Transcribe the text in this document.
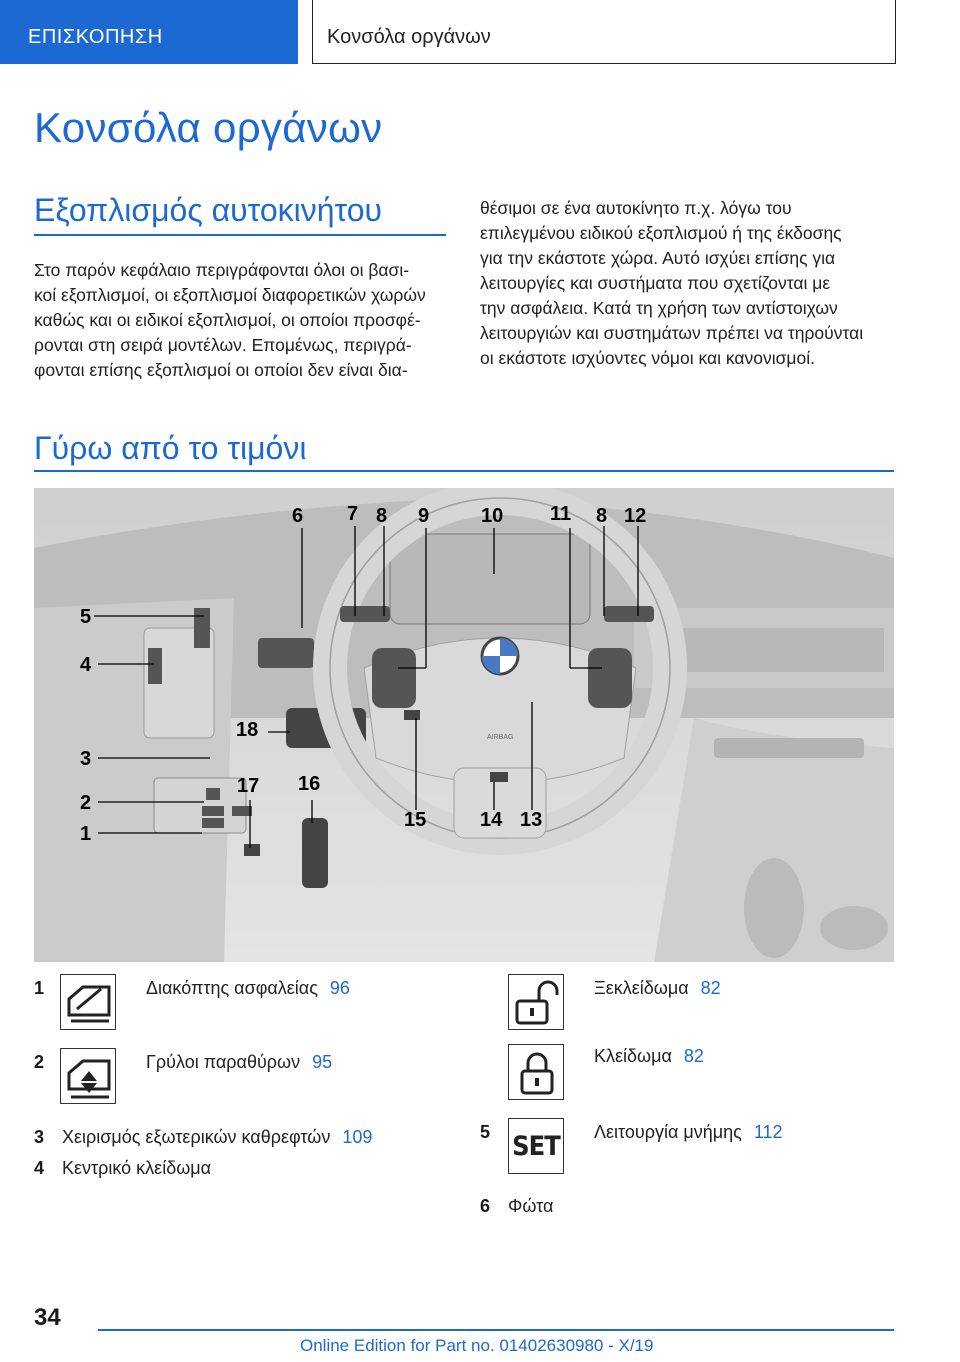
ΕΠΙΣΚΟΠΗΣΗ	Κονσόλα οργάνων
Κονσόλα οργάνων
Εξοπλισμός αυτοκινήτου
Στο παρόν κεφάλαιο περιγράφονται όλοι οι βασι-
κοί εξοπλισμοί, οι εξοπλισμοί διαφορετικών χωρών
καθώς και οι ειδικοί εξοπλισμοί, οι οποίοι προσφέ-
ρονται στη σειρά μοντέλων. Επομένως, περιγρά-
φονται επίσης εξοπλισμοί οι οποίοι δεν είναι δια-
θέσιμοι σε ένα αυτοκίνητο π.χ. λόγω του
επιλεγμένου ειδικού εξοπλισμού ή της έκδοσης
για την εκάστοτε χώρα. Αυτό ισχύει επίσης για
λειτουργίες και συστήματα που σχετίζονται με
την ασφάλεια. Κατά τη χρήση των αντίστοιχων
λειτουργιών και συστημάτων πρέπει να τηρούνται
οι εκάστοτε ισχύοντες νόμοι και κανονισμοί.
Γύρω από το τιμόνι
AIRBAG
5
4
3
2
1
6 7 8 9	10 11 8 12
13
14
15
16
17
18
1	Διακόπτης ασφαλείας 96
2	Γρύλοι παραθύρων 95
3 Χειρισμός εξωτερικών καθρεφτών 109
4 Κεντρικό κλείδωμα
Ξεκλείδωμα 82
Κλείδωμα 82
5 SET Λειτουργία μνήμης 112
6 Φώτα
34
Online Edition for Part no. 01402630980 - X/19
